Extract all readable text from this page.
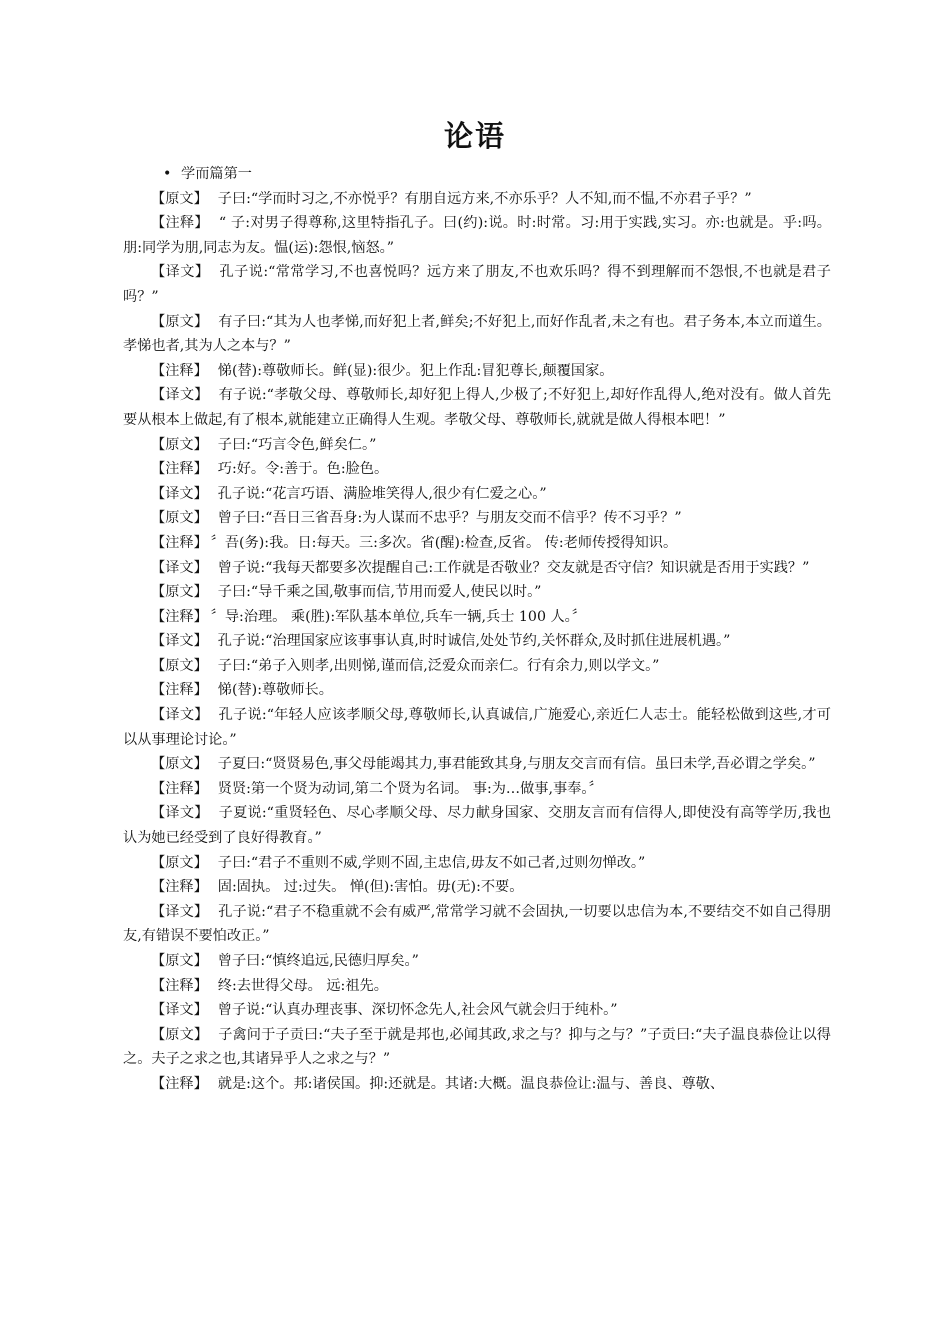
论语
• 学而篇第一

【原文】 子曰:“学而时习之,不亦悦乎？有朋自远方来,不亦乐乎？人不知,而不愠,不亦君子乎？”

【注释】 “ 子:对男子得尊称,这里特指孔子。曰(约):说。时:时常。习:用于实践,实习。亦:也就是。乎:吗。朋:同学为朋,同志为友。愠(运):怨恨,恼怒。”

【译文】 孔子说:“常常学习,不也喜悦吗？远方来了朋友,不也欢乐吗？得不到理解而不怨恨,不也就是君子吗？”

【原文】 有子曰:“其为人也孝悌,而好犯上者,鲜矣;不好犯上,而好作乱者,未之有也。君子务本,本立而道生。孝悌也者,其为人之本与？”

【注释】 悌(替):尊敬师长。鲜(显):很少。犯上作乱:冒犯尊长,颠覆国家。

【译文】 有子说:“孝敬父母、尊敬师长,却好犯上得人,少极了;不好犯上,却好作乱得人,绝对没有。做人首先要从根本上做起,有了根本,就能建立正确得人生观。孝敬父母、尊敬师长,就就是做人得根本吧！”

【原文】 子曰:“巧言令色,鲜矣仁。”

【注释】 巧:好。令:善于。色:脸色。

【译文】 孔子说:“花言巧语、满脸堆笑得人,很少有仁爱之心。”

【原文】 曾子曰:“吾日三省吾身:为人谋而不忠乎？与朋友交而不信乎？传不习乎？”

【注释】 〞吾(务):我。日:每天。三:多次。省(醒):检查,反省。 传:老师传授得知识。

【译文】 曾子说:“我每天都要多次提醒自己:工作就是否敬业？交友就是否守信？知识就是否用于实践？”

【原文】 子曰:“导千乘之国,敬事而信,节用而爱人,使民以时。”

【注释】 〞导:治理。 乘(胜):军队基本单位,兵车一辆,兵士 100 人。〞

【译文】 孔子说:“治理国家应该事事认真,时时诚信,处处节约,关怀群众,及时抓住进展机遇。”

【原文】 子曰:“弟子入则孝,出则悌,谨而信,泛爱众而亲仁。行有余力,则以学文。”

【注释】 悌(替):尊敬师长。

【译文】 孔子说:“年轻人应该孝顺父母,尊敬师长,认真诚信,广施爱心,亲近仁人志士。能轻松做到这些,才可以从事理论讨论。”

【原文】 子夏曰:“贤贤易色,事父母能竭其力,事君能致其身,与朋友交言而有信。虽曰未学,吾必谓之学矣。”

【注释】 贤贤:第一个贤为动词,第二个贤为名词。 事:为…做事,事奉。〞

【译文】 子夏说:“重贤轻色、尽心孝顺父母、尽力献身国家、交朋友言而有信得人,即使没有高等学历,我也认为她已经受到了良好得教育。”

【原文】 子曰:“君子不重则不威,学则不固,主忠信,毋友不如己者,过则勿惮改。”

【注释】 固:固执。 过:过失。 惮(但):害怕。毋(无):不要。

【译文】 孔子说:“君子不稳重就不会有威严,常常学习就不会固执,一切要以忠信为本,不要结交不如自己得朋友,有错误不要怕改正。”

【原文】 曾子曰:“慎终追远,民德归厚矣。”

【注释】 终:去世得父母。 远:祖先。

【译文】 曾子说:“认真办理丧事、深切怀念先人,社会风气就会归于纯朴。”

【原文】 子禽问于子贡曰:“夫子至于就是邦也,必闻其政,求之与？抑与之与？”子贡曰:“夫子温良恭俭让以得之。夫子之求之也,其诸异乎人之求之与？”

【注释】 就是:这个。邦:诸侯国。抑:还就是。其诸:大概。温良恭俭让:温与、善良、尊敬、
